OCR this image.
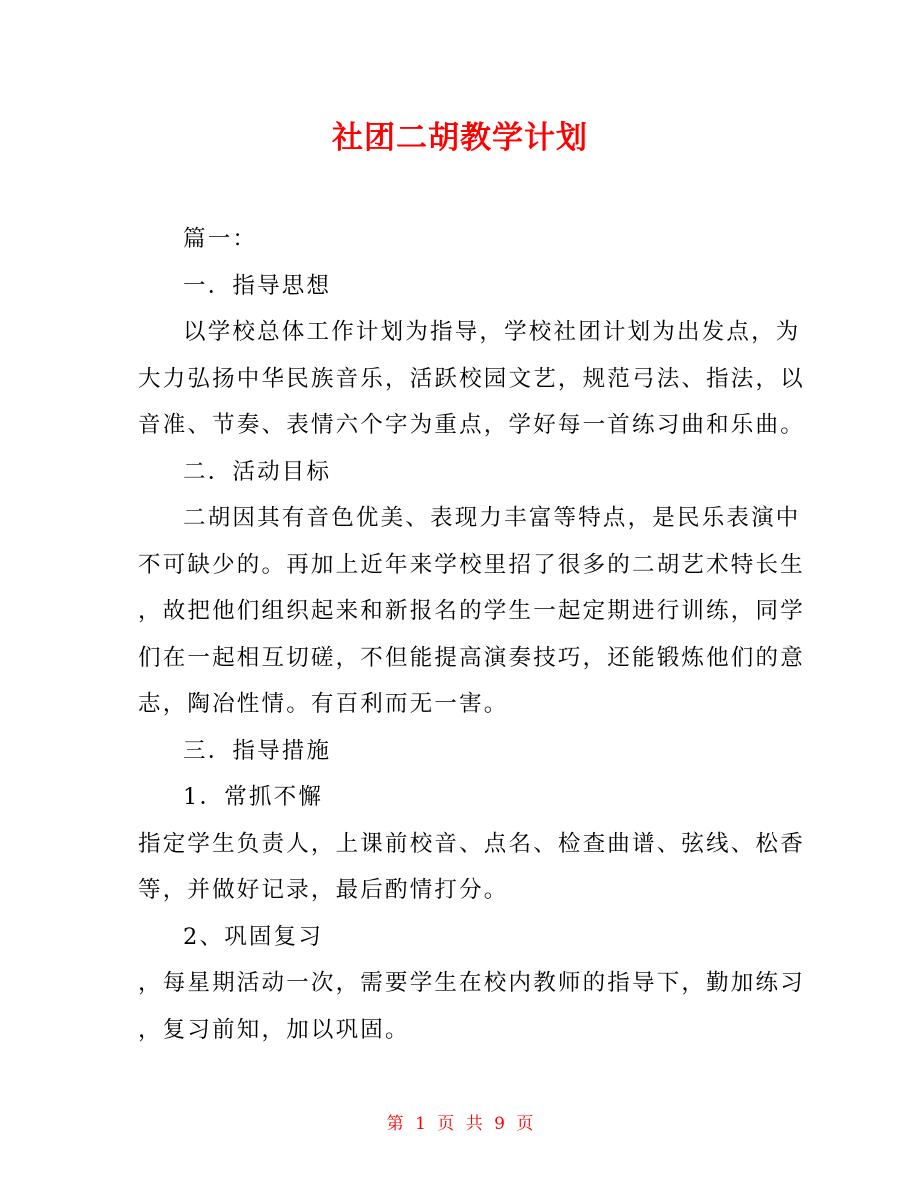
社团二胡教学计划
篇一：
一．指导思想
以学校总体工作计划为指导，学校社团计划为出发点，为
大力弘扬中华民族音乐，活跃校园文艺，规范弓法、指法，以
音准、节奏、表情六个字为重点，学好每一首练习曲和乐曲。
二．活动目标
二胡因其有音色优美、表现力丰富等特点，是民乐表演中
不可缺少的。再加上近年来学校里招了很多的二胡艺术特长生
，故把他们组织起来和新报名的学生一起定期进行训练，同学
们在一起相互切磋，不但能提高演奏技巧，还能锻炼他们的意
志，陶冶性情。有百利而无一害。
三．指导措施
1．常抓不懈
指定学生负责人，上课前校音、点名、检查曲谱、弦线、松香
等，并做好记录，最后酌情打分。
2、巩固复习
，每星期活动一次，需要学生在校内教师的指导下，勤加练习
，复习前知，加以巩固。
第 1 页 共 9 页
